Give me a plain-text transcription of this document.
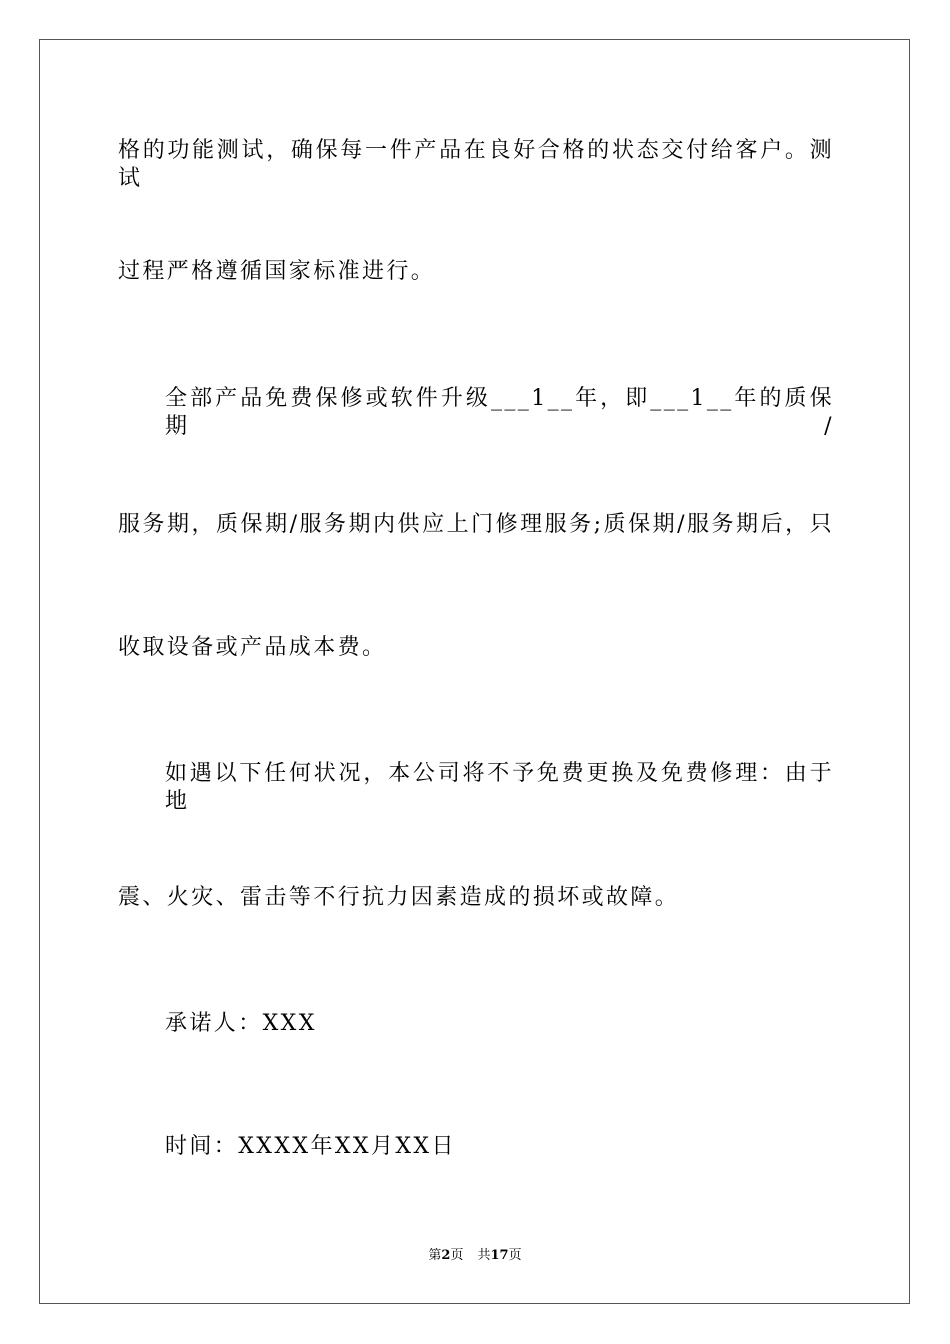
格的功能测试，确保每一件产品在良好合格的状态交付给客户。测试
过程严格遵循国家标准进行。
全部产品免费保修或软件升级___1__年，即___1__年的质保期/
服务期，质保期/服务期内供应上门修理服务;质保期/服务期后，只
收取设备或产品成本费。
如遇以下任何状况，本公司将不予免费更换及免费修理：由于地
震、火灾、雷击等不行抗力因素造成的损坏或故障。
承诺人：XXX
时间：XXXX年XX月XX日
第2页 共17页
